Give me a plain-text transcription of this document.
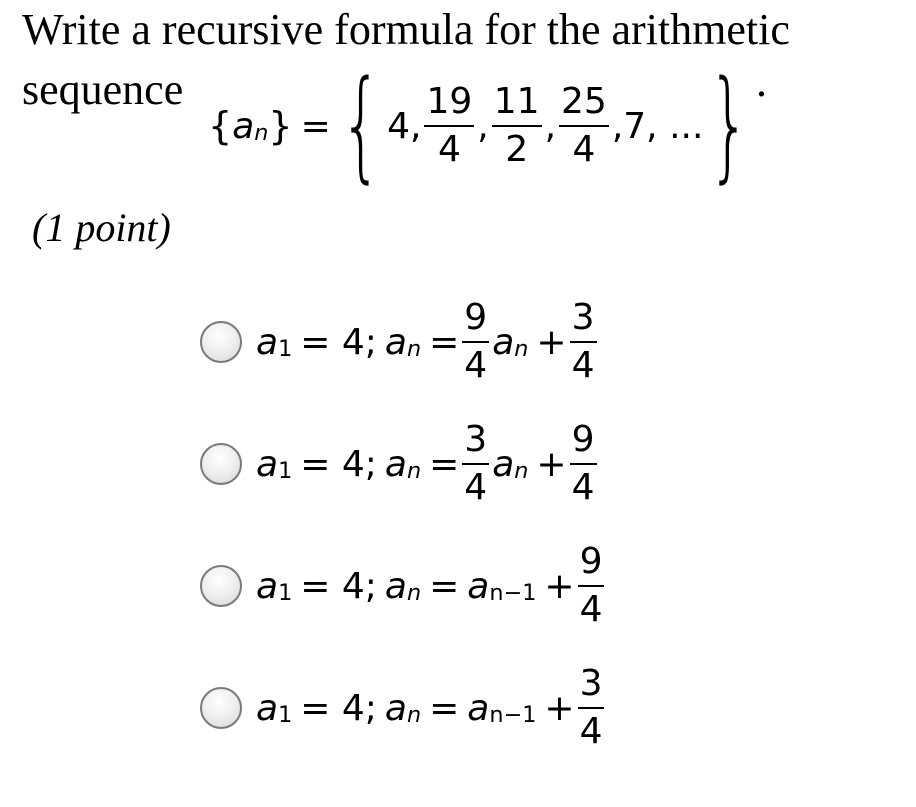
Write a recursive formula for the arithmetic
sequence
{ a n } = { 4, $\frac{19}{4}$ , $\frac{11}{2}$ , $\frac{25}{4} ,7$, ... } .
(1 point)
a 1 = 4; a $n = \frac{9}{4}$ a $n + \frac{3}{4}$
a 1 = 4; a $n = \frac{3}{4}$ a $n + \frac{9}{4}$
a 1 = 4; a n = a $n-1 + \frac{9}{4}$
a 1 = 4; a n = a $n-1 + \frac{3}{4}$
